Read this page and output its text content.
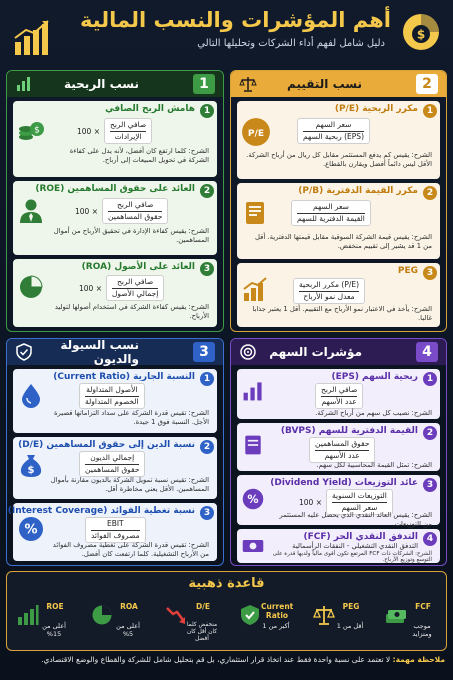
أهم المؤشرات والنسب المالية
دليل شامل لفهم أداء الشركات وتحليلها التالي
$
1
نسب الربحية
1
هامش الربح الصافي
$	$100 \times \frac{\text{صافي الربح}}{\text{الإيرادات}}$
الشرح: كلما ارتفع كان أفضل، لأنه يدل على كفاءة الشركة في تحويل المبيعات إلى أرباح.
2
العائد على حقوق المساهمين (ROE)
$100 \times \frac{\text{صافي الربح}}{\text{حقوق المساهمين}}$
الشرح: يقيس كفاءة الإدارة في تحقيق الأرباح من أموال المساهمين.
3
العائد على الأصول (ROA)
$100 \times \frac{\text{صافي الربح}}{\text{إجمالي الأصول}}$
الشرح: يقيس كفاءة الشركة في استخدام أصولها لتوليد الأرباح.
2
نسب التقييم
1
مكرر الربحية (P/E)
P/E	$\frac{\text{سعر السهم}}{\text{ربحية السهم (EPS)}}$
الشرح: يقيس كم يدفع المستثمر مقابل كل ريال من أرباح الشركة. الأقل ليس دائماً أفضل ويقارن بالقطاع.
2
مكرر القيمة الدفترية (P/B)
$\frac{\text{سعر السهم}}{\text{القيمة الدفترية للسهم}}$
الشرح: يقيس قيمة الشركة السوقية مقابل قيمتها الدفترية. أقل من 1 قد يشير إلى تقييم منخفض.
3
PEG
$\frac{\text{مكرر الربحية (P/E)}}{\text{معدل نمو الأرباح}}$
الشرح: يأخذ في الاعتبار نمو الأرباح مع التقييم. أقل 1 يعتبر جذابا غالبا.
3
نسب السيولة والديون
1
النسبة الجارية (Current Ratio)
$\frac{\text{الأصول المتداولة}}{\text{الخصوم المتداولة}}$
الشرح: تقيس قدرة الشركة على سداد التزاماتها قصيرة الأجل. النسبة فوق 1 جيدة.
2
نسبة الدين إلى حقوق المساهمين (D/E)
$	$\frac{\text{إجمالي الديون}}{\text{حقوق المساهمين}}$
الشرح: تقيس نسبة تمويل الشركة بالديون مقارنة بأموال المساهمين. الأقل يعني مخاطرة أقل.
3
نسبة تغطية الفوائد (Interest Coverage)
%	$\frac{\text{EBIT}}{\text{مصروف الفوائد}}$
الشرح: تقيس قدرة الشركة على تغطية مصروف الفوائد من الأرباح التشغيلية. كلما ارتفعت كان أفضل.
4
مؤشرات السهم
1
ربحية السهم (EPS)
$\frac{\text{صافي الربح}}{\text{عدد الأسهم}}$
الشرح: نصيب كل سهم من أرباح الشركة.
2
القيمة الدفترية للسهم (BVPS)
$\frac{\text{حقوق المساهمين}}{\text{عدد الأسهم}}$
الشرح: تمثل القيمة المحاسبية لكل سهم.
3
عائد التوزيعات (Dividend Yield)
%	$100 \times \frac{\text{التوزيعات السنوية}}{\text{سعر السهم}}$
الشرح: يقيس العائد النقدي الذي يحصل عليه المستثمر من التوزيعات.
4
التدفق النقدي الحر (FCF)
التدفق النقدي التشغيلي - النفقات الرأسمالية
الشرح: الشركات ذات FCF المرتفع تكون أقوى مالياً ولديها قدرة على التوسع وتوزيع الأرباح.
قاعدة ذهبية
ROE
أعلى من 15%
ROA
أعلى من 5%
D/E
منخفض كلما كان أقل كان أفضل
Current Ratio
أكبر من 1
PEG
أقل من 1
FCF
موجب ومتزايد
ملاحظة مهمة: لا تعتمد على نسبة واحدة فقط عند اتخاذ قرار استثماري، بل قم بتحليل شامل للشركة والقطاع والوضع الاقتصادي.
